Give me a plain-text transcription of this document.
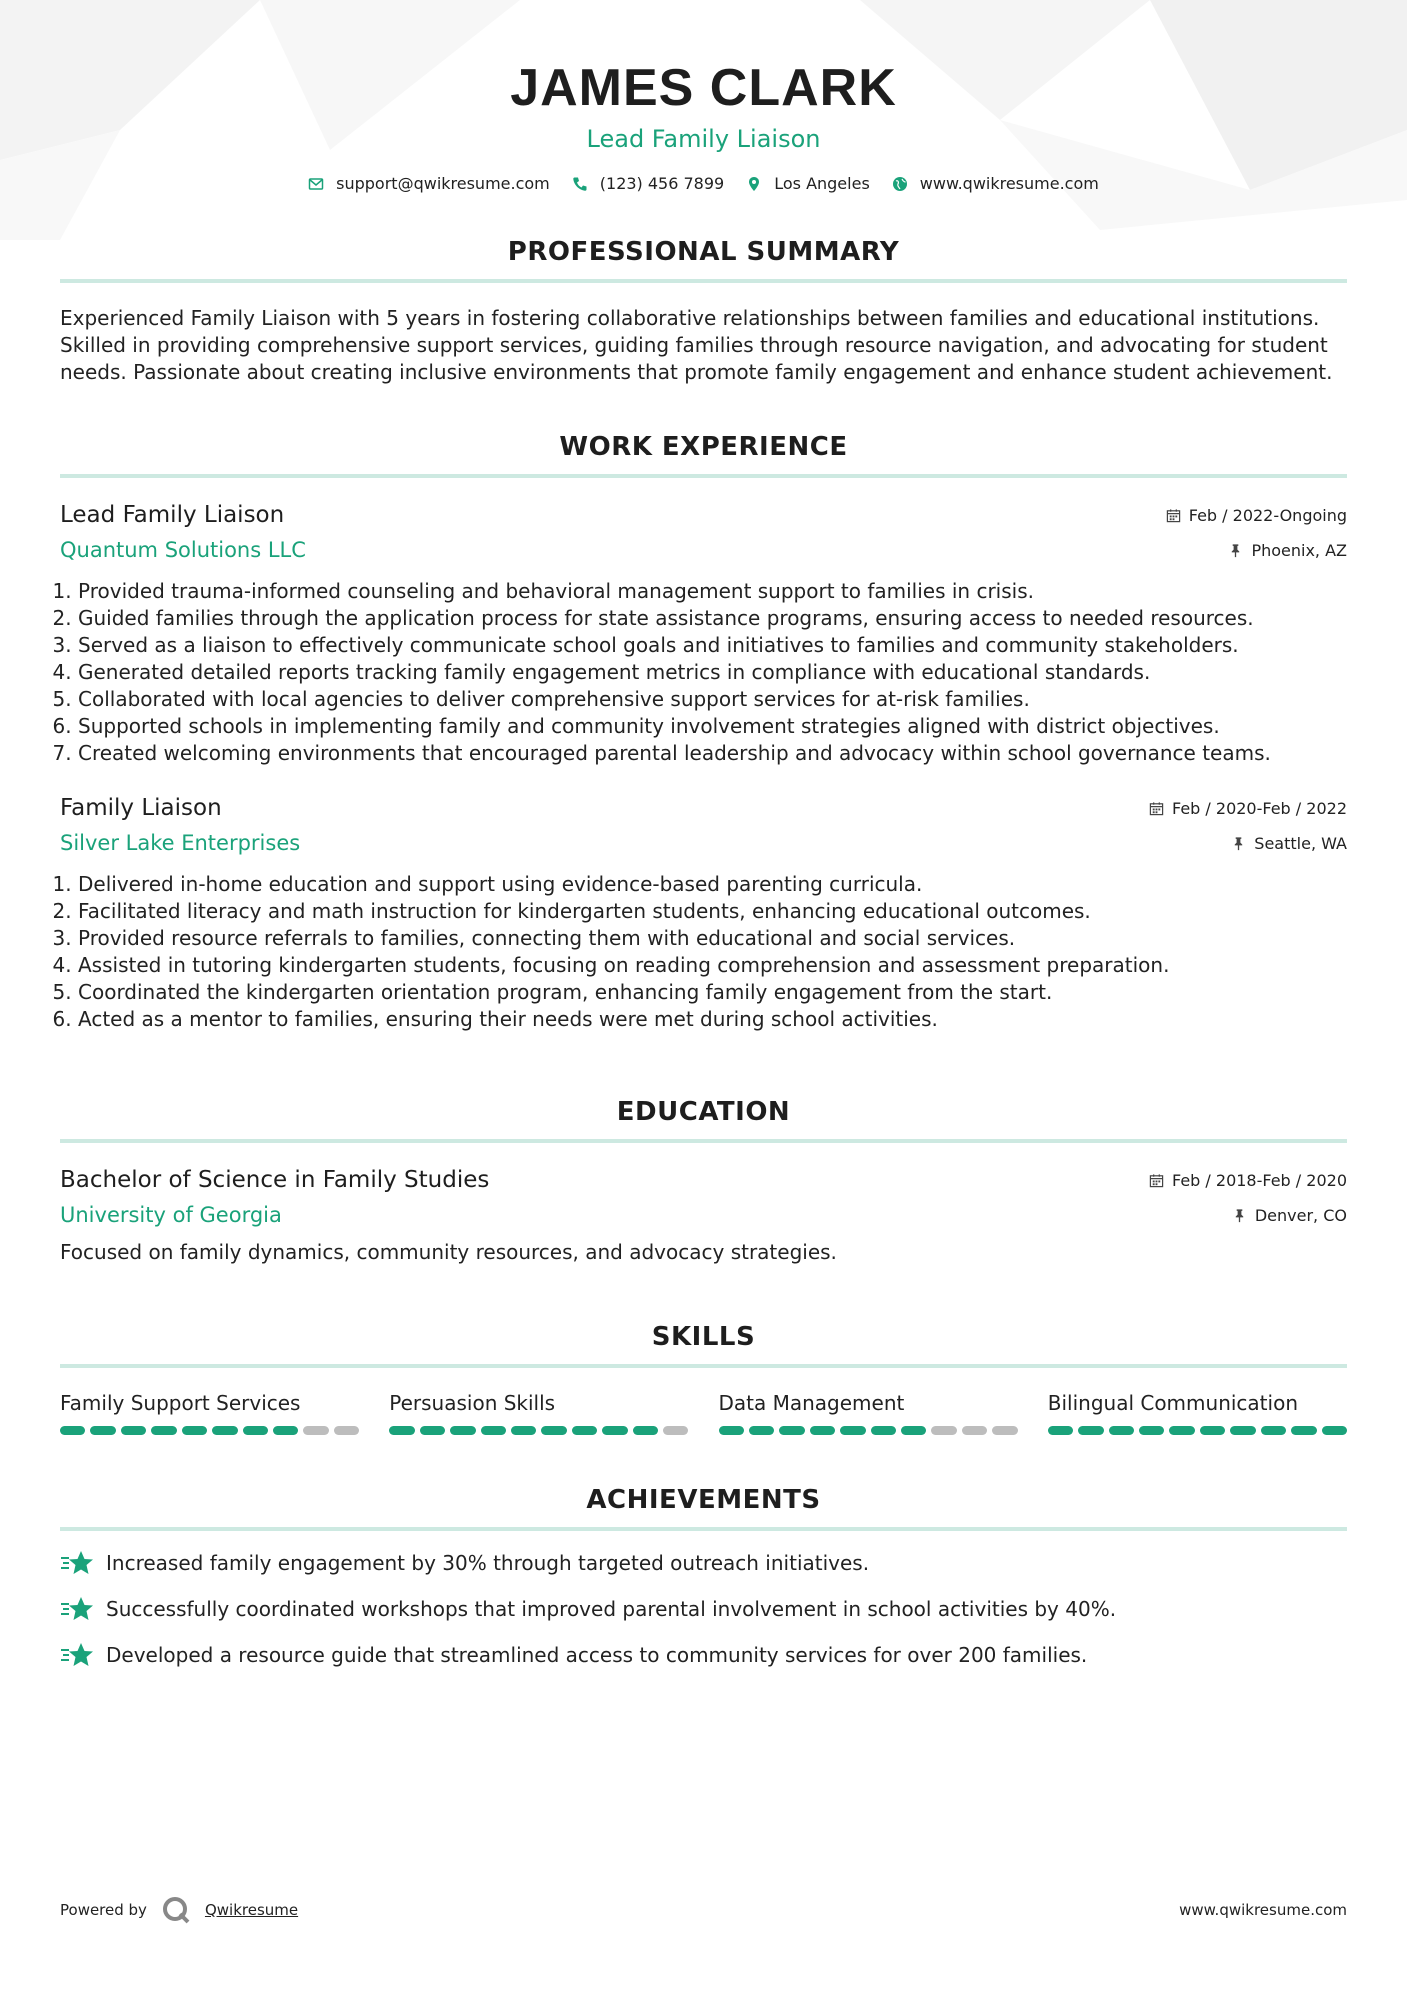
JAMES CLARK
Lead Family Liaison
support@qwikresume.com	(123) 456 7899	Los Angeles	www.qwikresume.com
PROFESSIONAL SUMMARY
Experienced Family Liaison with 5 years in fostering collaborative relationships between families and educational institutions. Skilled in providing comprehensive support services, guiding families through resource navigation, and advocating for student needs. Passionate about creating inclusive environments that promote family engagement and enhance student achievement.
WORK EXPERIENCE
Lead Family Liaison	Feb / 2022-Ongoing
Quantum Solutions LLC	Phoenix, AZ
1. Provided trauma-informed counseling and behavioral management support to families in crisis.
2. Guided families through the application process for state assistance programs, ensuring access to needed resources.
3. Served as a liaison to effectively communicate school goals and initiatives to families and community stakeholders.
4. Generated detailed reports tracking family engagement metrics in compliance with educational standards.
5. Collaborated with local agencies to deliver comprehensive support services for at-risk families.
6. Supported schools in implementing family and community involvement strategies aligned with district objectives.
7. Created welcoming environments that encouraged parental leadership and advocacy within school governance teams.
Family Liaison	Feb / 2020-Feb / 2022
Silver Lake Enterprises	Seattle, WA
1. Delivered in-home education and support using evidence-based parenting curricula.
2. Facilitated literacy and math instruction for kindergarten students, enhancing educational outcomes.
3. Provided resource referrals to families, connecting them with educational and social services.
4. Assisted in tutoring kindergarten students, focusing on reading comprehension and assessment preparation.
5. Coordinated the kindergarten orientation program, enhancing family engagement from the start.
6. Acted as a mentor to families, ensuring their needs were met during school activities.
EDUCATION
Bachelor of Science in Family Studies	Feb / 2018-Feb / 2020
University of Georgia	Denver, CO
Focused on family dynamics, community resources, and advocacy strategies.
SKILLS
Family Support Services	Persuasion Skills	Data Management	Bilingual Communication
ACHIEVEMENTS
Increased family engagement by 30% through targeted outreach initiatives.
Successfully coordinated workshops that improved parental involvement in school activities by 40%.
Developed a resource guide that streamlined access to community services for over 200 families.
Powered by	Qwikresume	www.qwikresume.com
